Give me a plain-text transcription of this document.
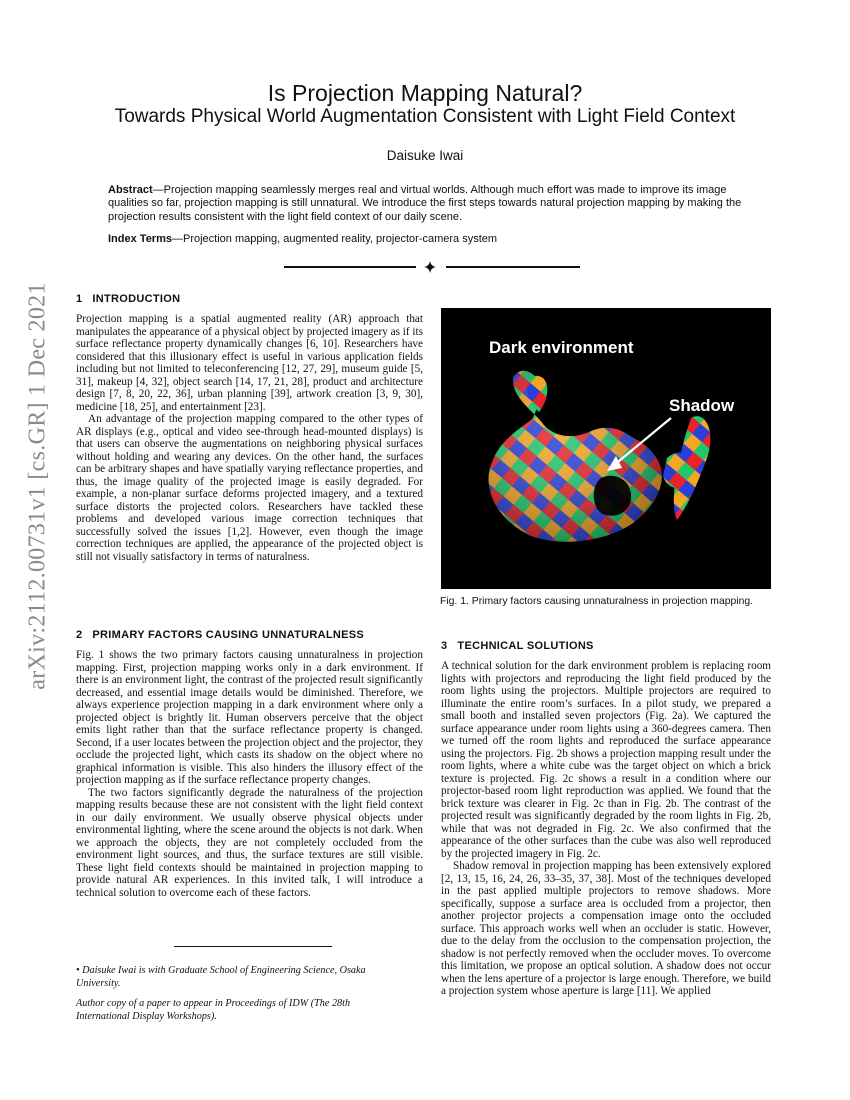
arXiv:2112.00731v1 [cs.GR] 1 Dec 2021
Is Projection Mapping Natural?
Towards Physical World Augmentation Consistent with Light Field Context
Daisuke Iwai
Abstract—Projection mapping seamlessly merges real and virtual worlds. Although much effort was made to improve its image qualities so far, projection mapping is still unnatural. We introduce the first steps towards natural projection mapping by making the projection results consistent with the light field context of our daily scene.
Index Terms—Projection mapping, augmented reality, projector-camera system
1 INTRODUCTION

Projection mapping is a spatial augmented reality (AR) approach that manipulates the appearance of a physical object by projected imagery as if its surface reflectance property dynamically changes [6, 10]. Researchers have considered that this illusionary effect is useful in various application fields including but not limited to teleconferencing [12, 27, 29], museum guide [5, 31], makeup [4, 32], object search [14, 17, 21, 28], product and architecture design [7, 8, 20, 22, 36], urban planning [39], artwork creation [3, 9, 30], medicine [18, 25], and entertainment [23].

An advantage of the projection mapping compared to the other types of AR displays (e.g., optical and video see-through head-mounted displays) is that users can observe the augmentations on neighboring physical surfaces without holding and wearing any devices. On the other hand, the surfaces can be arbitrary shapes and have spatially varying reflectance properties, and thus, the image quality of the projected image is easily degraded. For example, a non-planar surface deforms projected imagery, and a textured surface distorts the projected colors. Researchers have tackled these problems and developed various image correction techniques that successfully solved the issues [1,2]. However, even though the image correction techniques are applied, the appearance of the projected object is still not visually satisfactory in terms of naturalness.

2 PRIMARY FACTORS CAUSING UNNATURALNESS

Fig. 1 shows the two primary factors causing unnaturalness in projection mapping. First, projection mapping works only in a dark environment. If there is an environment light, the contrast of the projected result significantly decreased, and essential image details would be diminished. Therefore, we always experience projection mapping in a dark environment where only a projected object is brightly lit. Human observers perceive that the object emits light rather than that the surface reflectance property is changed. Second, if a user locates between the projection object and the projector, they occlude the projected light, which casts its shadow on the object where no graphical information is visible. This also hinders the illusory effect of the projection mapping as if the surface reflectance property changes.

The two factors significantly degrade the naturalness of the projection mapping results because these are not consistent with the light field context in our daily environment. We usually observe physical objects under environmental lighting, where the scene around the objects is not dark. When we approach the objects, they are not completely occluded from the environment light sources, and thus, the surface textures are still visible. These light field contexts should be maintained in projection mapping to provide natural AR experiences. In this invited talk, I will introduce a technical solution to overcome each of these factors.

Dark environment
Shadow
Fig. 1. Primary factors causing unnaturalness in projection mapping.
3 TECHNICAL SOLUTIONS

A technical solution for the dark environment problem is replacing room lights with projectors and reproducing the light field produced by the room lights using the projectors. Multiple projectors are required to illuminate the entire room’s surfaces. In a pilot study, we prepared a small booth and installed seven projectors (Fig. 2a). We captured the surface appearance under room lights using a 360-degrees camera. Then we turned off the room lights and reproduced the surface appearance using the projectors. Fig. 2b shows a projection mapping result under the room lights, where a white cube was the target object on which a brick texture is projected. Fig. 2c shows a result in a condition where our projector-based room light reproduction was applied. We found that the brick texture was clearer in Fig. 2c than in Fig. 2b. The contrast of the projected result was significantly degraded by the room lights in Fig. 2b, while that was not degraded in Fig. 2c. We also confirmed that the appearance of the other surfaces than the cube was also well reproduced by the projected imagery in Fig. 2c.

Shadow removal in projection mapping has been extensively explored [2, 13, 15, 16, 24, 26, 33–35, 37, 38]. Most of the techniques developed in the past applied multiple projectors to remove shadows. More specifically, suppose a surface area is occluded from a projector, then another projector projects a compensation image onto the occluded surface. This approach works well when an occluder is static. However, due to the delay from the occlusion to the compensation projection, the shadow is not perfectly removed when the occluder moves. To overcome this limitation, we propose an optical solution. A shadow does not occur when the lens aperture of a projector is large enough. Therefore, we build a projection system whose aperture is large [11]. We applied

• Daisuke Iwai is with Graduate School of Engineering Science, Osaka University.
Author copy of a paper to appear in Proceedings of IDW (The 28th International Display Workshops).
